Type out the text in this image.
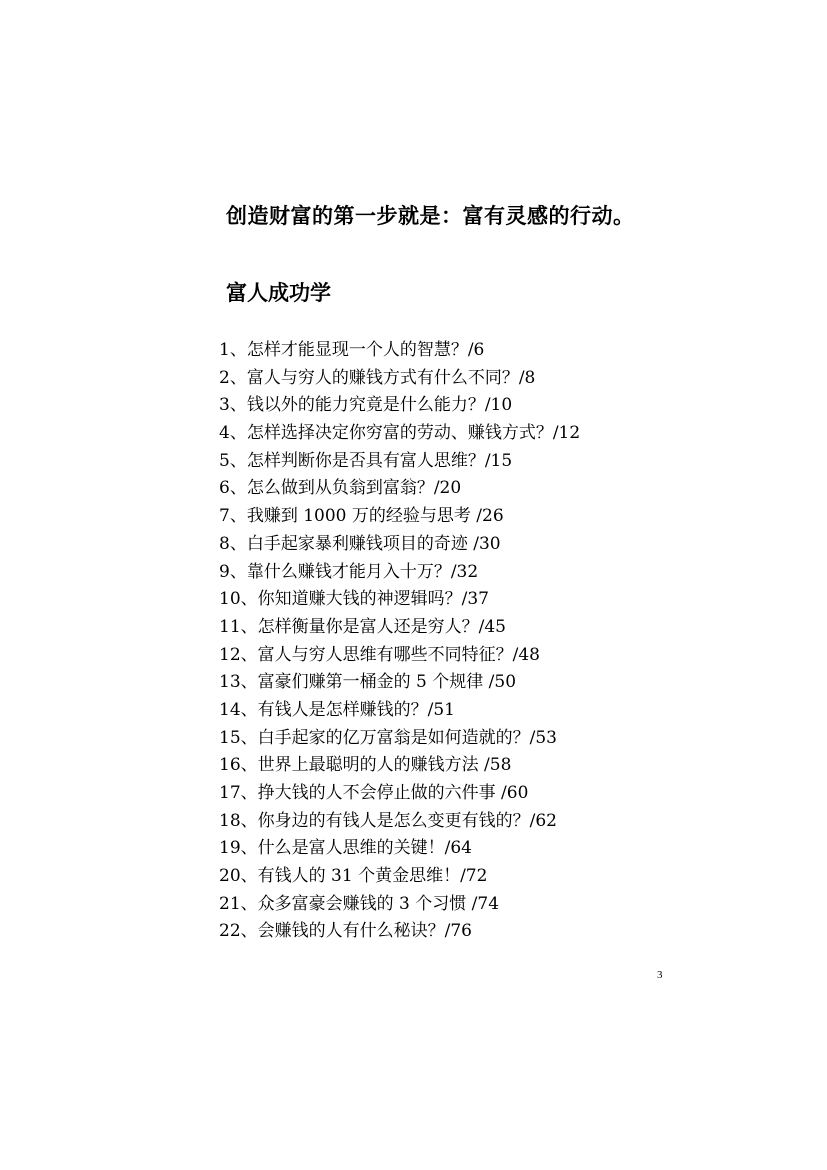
创造财富的第一步就是：富有灵感的行动。
富人成功学
1、怎样才能显现一个人的智慧？/6
2、富人与穷人的赚钱方式有什么不同？/8
3、钱以外的能力究竟是什么能力？/10
4、怎样选择决定你穷富的劳动、赚钱方式？/12
5、怎样判断你是否具有富人思维？/15
6、怎么做到从负翁到富翁？/20
7、我赚到 1000 万的经验与思考 /26
8、白手起家暴利赚钱项目的奇迹 /30
9、靠什么赚钱才能月入十万？/32
10、你知道赚大钱的神逻辑吗？/37
11、怎样衡量你是富人还是穷人？/45
12、富人与穷人思维有哪些不同特征？/48
13、富豪们赚第一桶金的 5 个规律 /50
14、有钱人是怎样赚钱的？/51
15、白手起家的亿万富翁是如何造就的？/53
16、世界上最聪明的人的赚钱方法 /58
17、挣大钱的人不会停止做的六件事 /60
18、你身边的有钱人是怎么变更有钱的？/62
19、什么是富人思维的关键！/64
20、有钱人的 31 个黄金思维！/72
21、众多富豪会赚钱的 3 个习惯 /74
22、会赚钱的人有什么秘诀？/76
3
